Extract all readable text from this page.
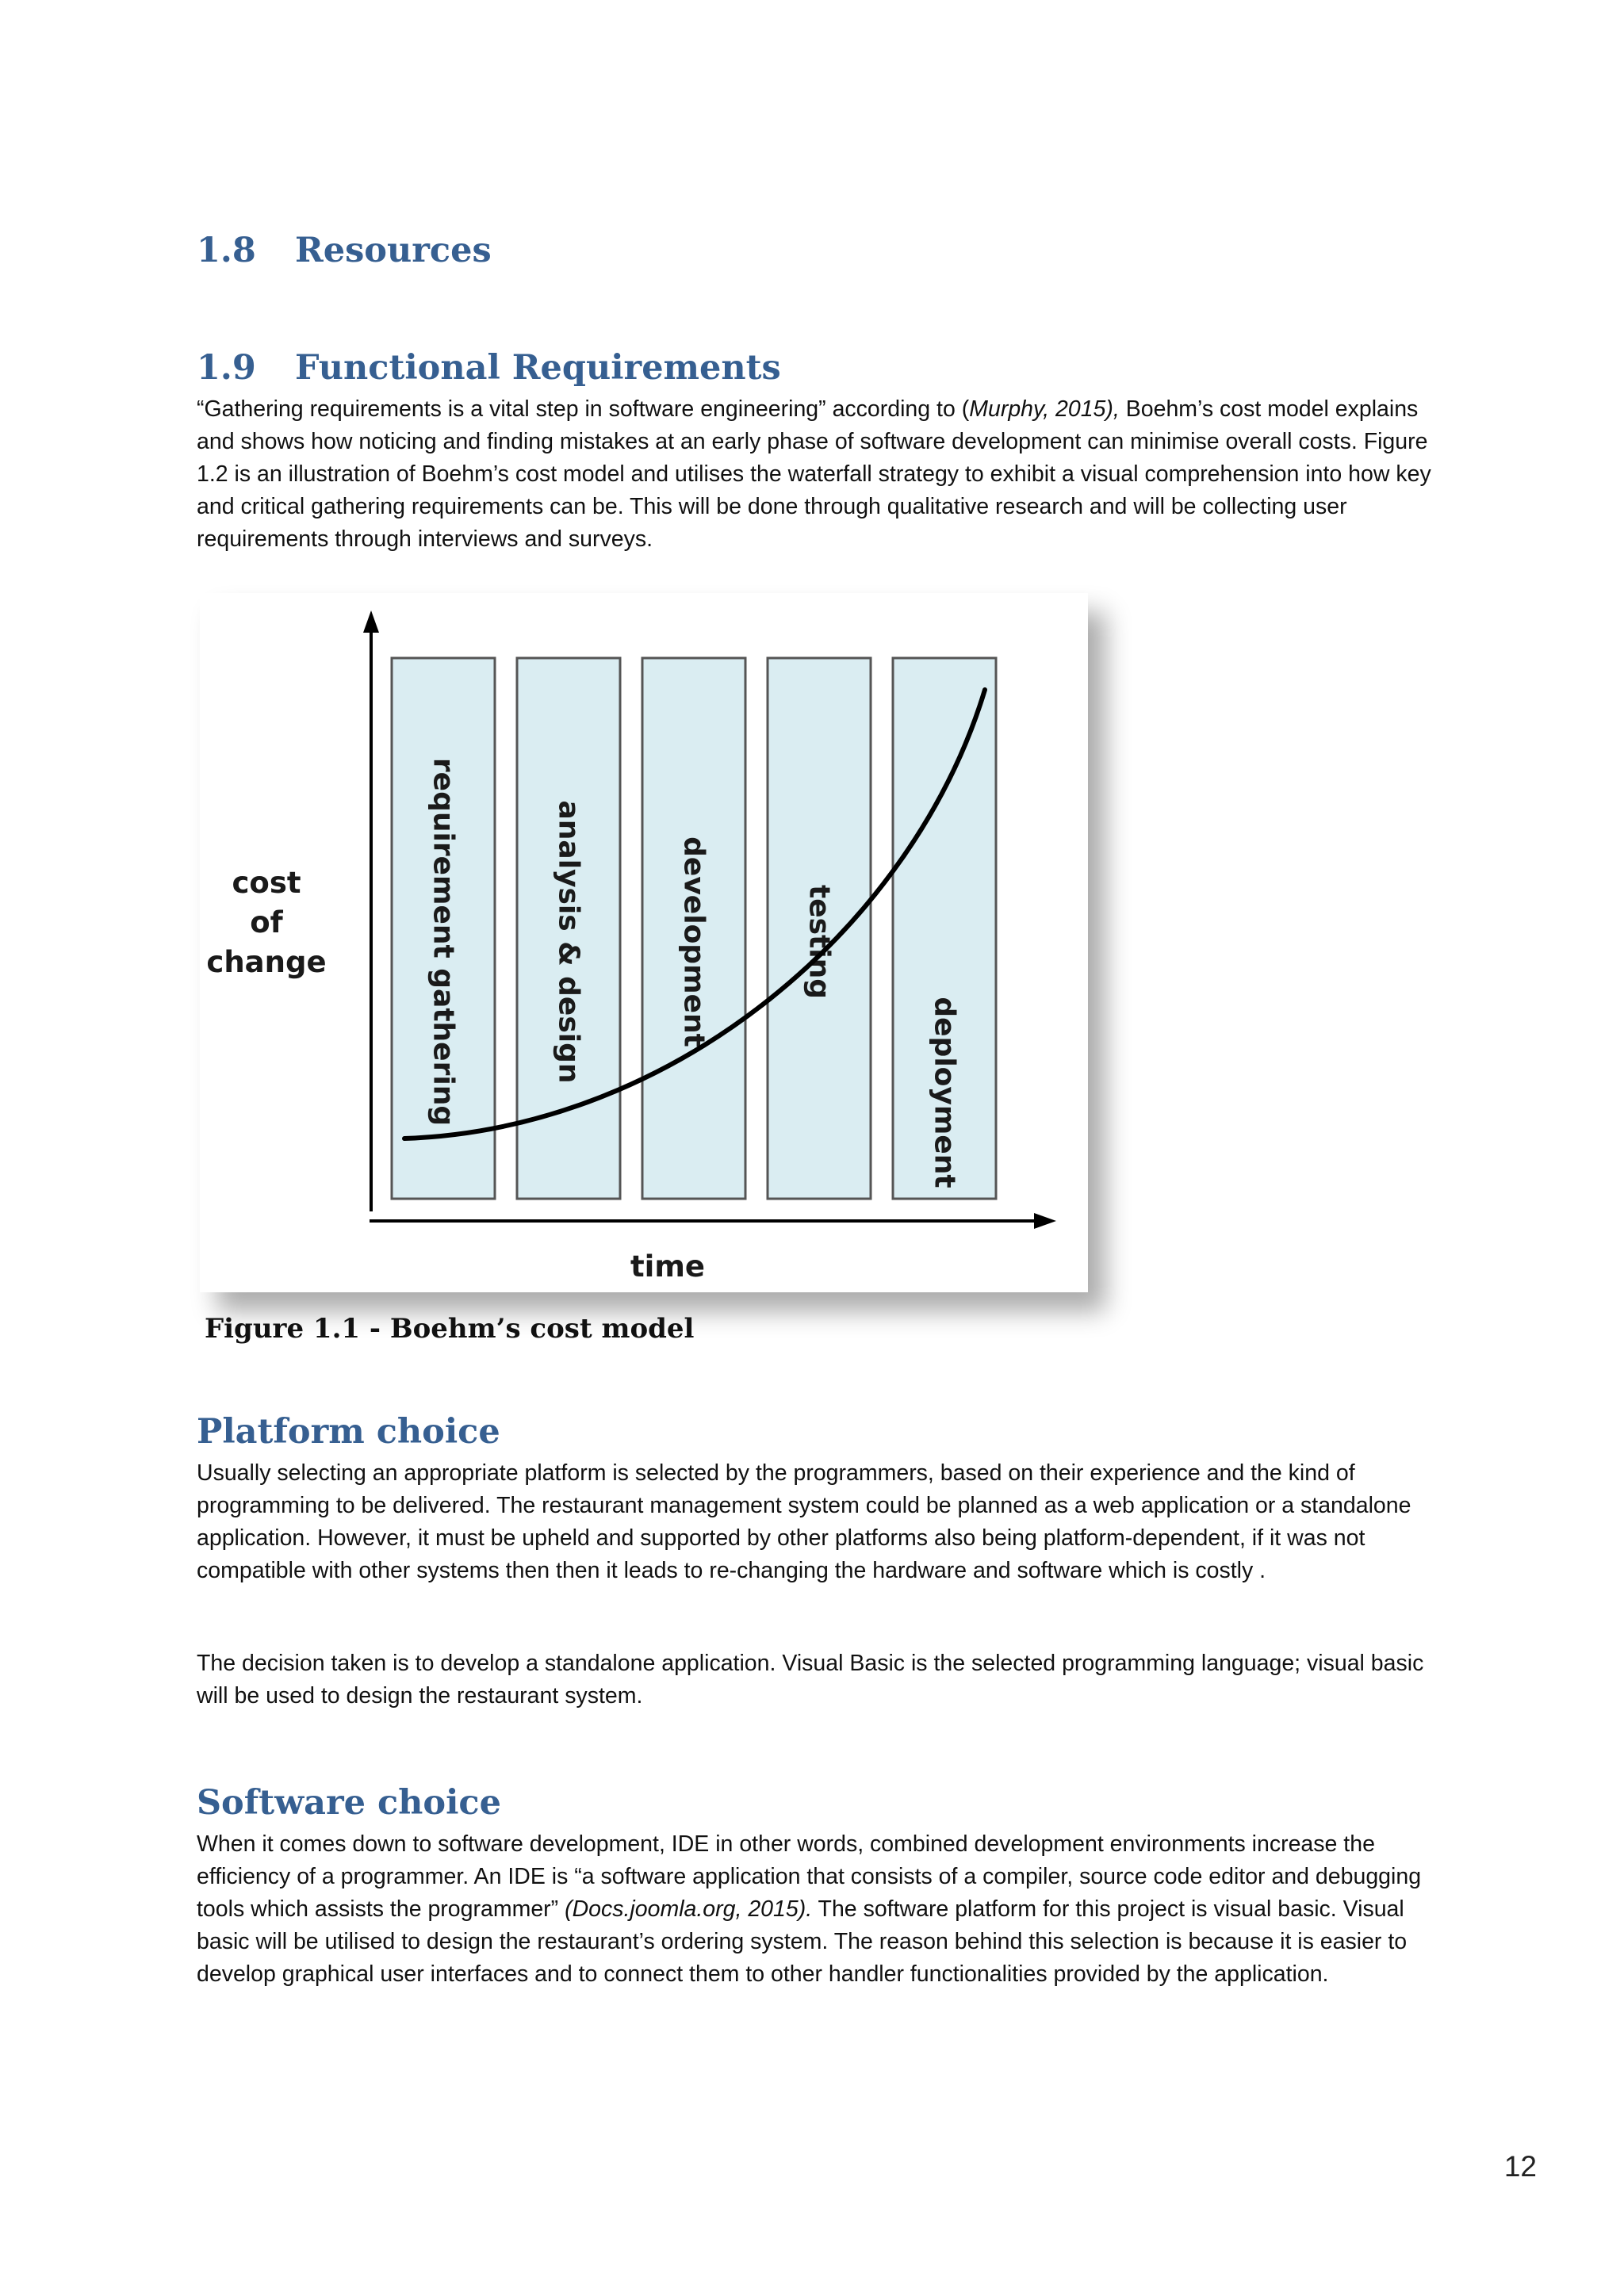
1.8 Resources
1.9 Functional Requirements

“Gathering requirements is a vital step in software engineering” according to (Murphy, 2015), Boehm’s cost model explains and shows how noticing and finding mistakes at an early phase of software development can minimise overall costs. Figure 1.2 is an illustration of Boehm’s cost model and utilises the waterfall strategy to exhibit a visual comprehension into how key and critical gathering requirements can be. This will be done through qualitative research and will be collecting user requirements through interviews and surveys.

requirement gathering	analysis & design	development	testing
deployment
cost
of
change
time

Figure 1.1 - Boehm’s cost model

Platform choice

Usually selecting an appropriate platform is selected by the programmers, based on their experience and the kind of programming to be delivered. The restaurant management system could be planned as a web application or a standalone application. However, it must be upheld and supported by other platforms also being platform-dependent, if it was not compatible with other systems then then it leads to re-changing the hardware and software which is costly .

The decision taken is to develop a standalone application. Visual Basic is the selected programming language; visual basic will be used to design the restaurant system.

Software choice

When it comes down to software development, IDE in other words, combined development environments increase the efficiency of a programmer. An IDE is “a software application that consists of a compiler, source code editor and debugging tools which assists the programmer” (Docs.joomla.org, 2015). The software platform for this project is visual basic. Visual basic will be utilised to design the restaurant’s ordering system. The reason behind this selection is because it is easier to develop graphical user interfaces and to connect them to other handler functionalities provided by the application.

12
